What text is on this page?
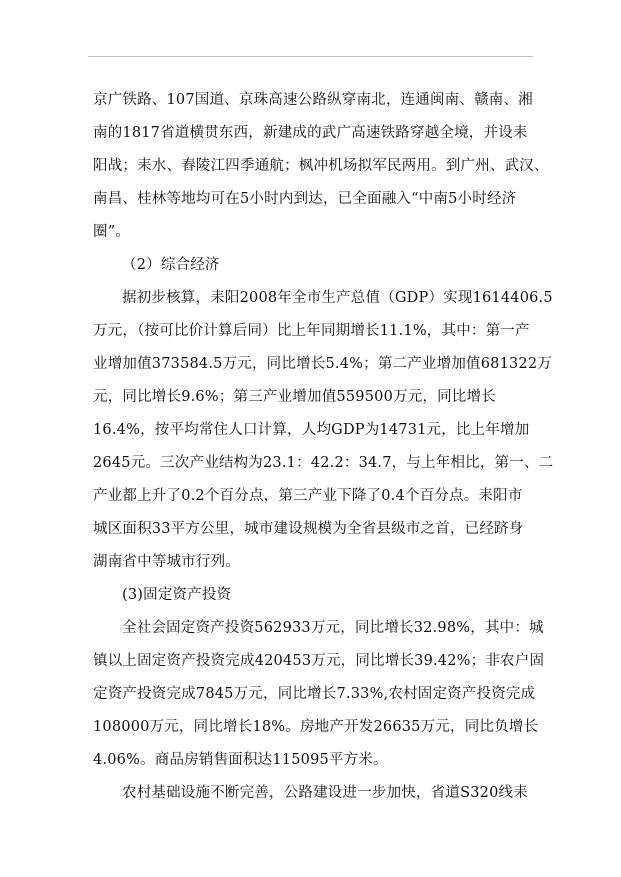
京广铁路、107国道、京珠高速公路纵穿南北，连通闽南、赣南、湘
南的1817省道横贯东西，新建成的武广高速铁路穿越全境，并设耒
阳战；耒水、舂陵江四季通航；枫冲机场拟军民两用。到广州、武汉、
南昌、桂林等地均可在5小时内到达，已全面融入“中南5小时经济
圈”。
（2）综合经济
据初步核算，耒阳2008年全市生产总值（GDP）实现1614406.5
万元，（按可比价计算后同）比上年同期增长11.1%，其中：第一产
业增加值373584.5万元，同比增长5.4%；第二产业增加值681322万
元，同比增长9.6%；第三产业增加值559500万元，同比增长
16.4%，按平均常住人口计算，人均GDP为14731元，比上年增加
2645元。三次产业结构为23.1：42.2：34.7，与上年相比，第一、二
产业都上升了0.2个百分点，第三产业下降了0.4个百分点。耒阳市
城区面积33平方公里，城市建设规模为全省县级市之首，已经跻身
湖南省中等城市行列。
(3)固定资产投资
全社会固定资产投资562933万元，同比增长32.98%，其中：城
镇以上固定资产投资完成420453万元，同比增长39.42%；非农户固
定资产投资完成7845万元，同比增长7.33%,农村固定资产投资完成
108000万元，同比增长18%。房地产开发26635万元，同比负增长
4.06%。商品房销售面积达115095平方米。
农村基础设施不断完善，公路建设进一步加快，省道S320线耒
